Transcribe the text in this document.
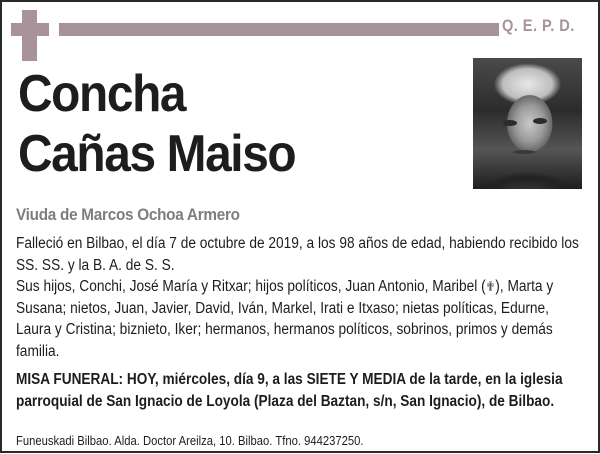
Q. E. P. D.
Concha
Cañas Maiso
Viuda de Marcos Ochoa Armero
Falleció en Bilbao, el día 7 de octubre de 2019, a los 98 años de edad, habiendo recibido los SS. SS. y la B. A. de S. S.
Sus hijos, Conchi, José María y Ritxar; hijos políticos, Juan Antonio, Maribel (✟), Marta y Susana; nietos, Juan, Javier, David, Iván, Markel, Irati e Itxaso; nietas políticas, Edurne, Laura y Cristina; biznieto, Iker; hermanos, hermanos políticos, sobrinos, primos y demás familia.
MISA FUNERAL: HOY, miércoles, día 9, a las SIETE Y MEDIA de la tarde, en la iglesia parroquial de San Ignacio de Loyola (Plaza del Baztan, s/n, San Ignacio), de Bilbao.
Funeuskadi Bilbao. Alda. Doctor Areilza, 10. Bilbao. Tfno. 944237250.
